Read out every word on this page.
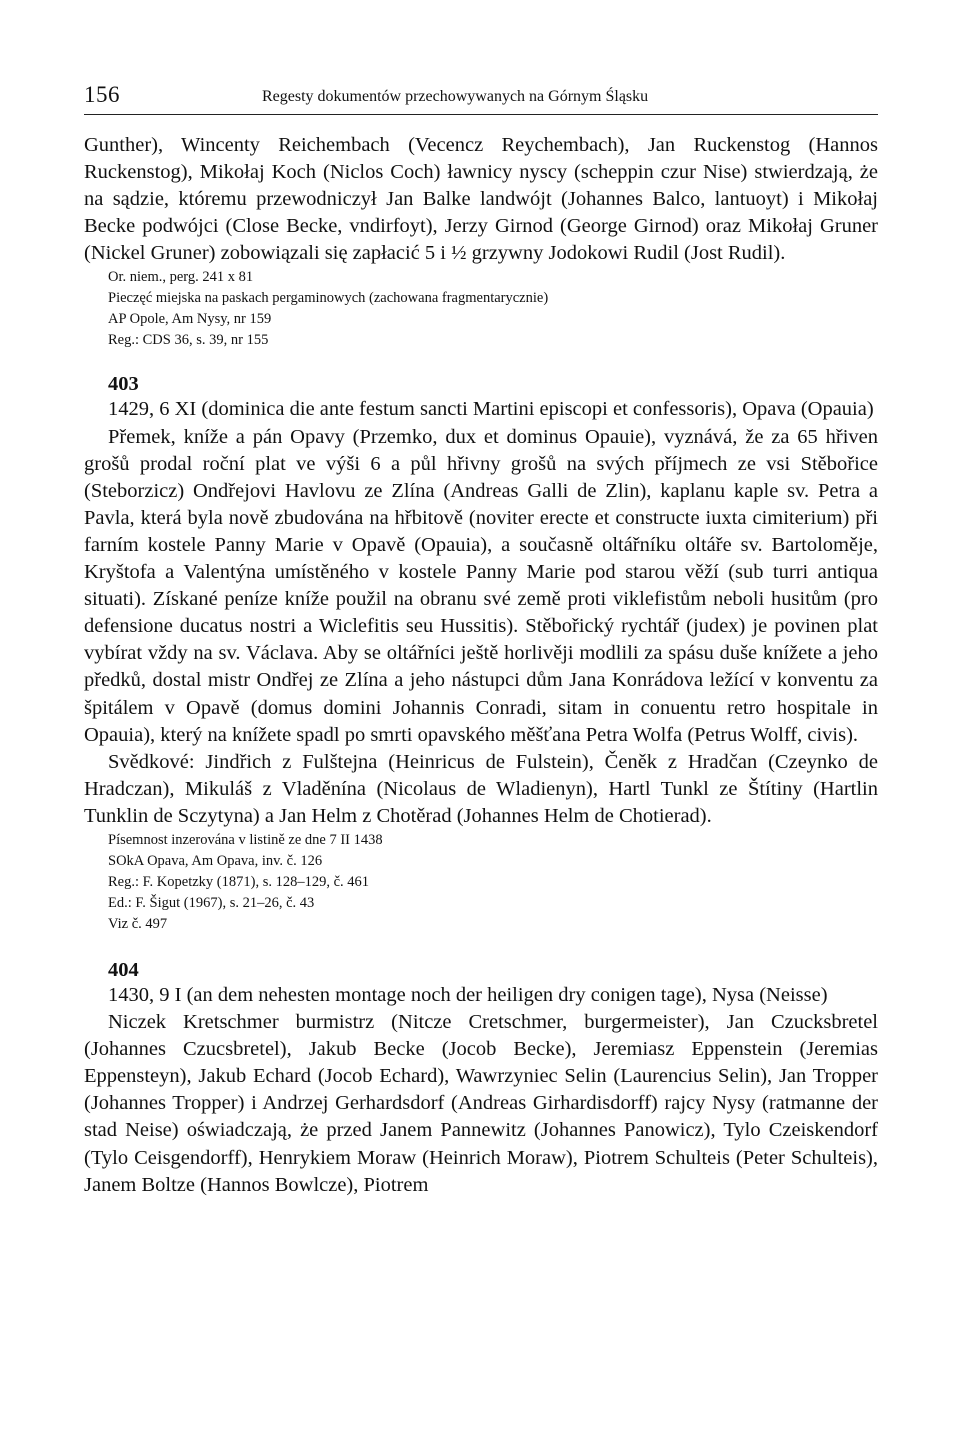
156	Regesty dokumentów przechowywanych na Górnym Śląsku

Gunther), Wincenty Reichembach (Vecencz Reychembach), Jan Ruckenstog (Hannos Ruckenstog), Mikołaj Koch (Niclos Coch) ławnicy nyscy (scheppin czur Nise) stwierdzają, że na sądzie, któremu przewodniczył Jan Balke landwójt (Johannes Balco, lantuoyt) i Mikołaj Becke podwójci (Close Becke, vndirfoyt), Jerzy Girnod (George Girnod) oraz Mikołaj Gruner (Nickel Gruner) zobowiązali się zapłacić 5 i ½ grzywny Jodokowi Rudil (Jost Rudil).

Or. niem., perg. 241 x 81
Pieczęć miejska na paskach pergaminowych (zachowana fragmentarycznie)
AP Opole, Am Nysy, nr 159
Reg.: CDS 36, s. 39, nr 155
403

1429, 6 XI (dominica die ante festum sancti Martini episcopi et confessoris), Opava (Opauia)

Přemek, kníže a pán Opavy (Przemko, dux et dominus Opauie), vyznává, že za 65 hřiven grošů prodal roční plat ve výši 6 a půl hřivny grošů na svých příjmech ze vsi Stěbořice (Steborzicz) Ondřejovi Havlovu ze Zlína (Andreas Galli de Zlin), kaplanu kaple sv. Petra a Pavla, která byla nově zbudována na hřbitově (noviter erecte et constructe iuxta cimiterium) při farním kostele Panny Marie v Opavě (Opauia), a současně oltářníku oltáře sv. Bartoloměje, Kryštofa a Valentýna umístěného v kostele Panny Marie pod starou věží (sub turri antiqua situati). Získané peníze kníže použil na obranu své země proti viklefistům neboli husitům (pro defensione ducatus nostri a Wiclefitis seu Hussitis). Stěbořický rychtář (judex) je povinen plat vybírat vždy na sv. Václava. Aby se oltářníci ještě horlivěji modlili za spásu duše knížete a jeho předků, dostal mistr Ondřej ze Zlína a jeho nástupci dům Jana Konrádova ležící v konventu za špitálem v Opavě (domus domini Johannis Conradi, sitam in conuentu retro hospitale in Opauia), který na knížete spadl po smrti opavského měšťana Petra Wolfa (Petrus Wolff, civis).

Svědkové: Jindřich z Fulštejna (Heinricus de Fulstein), Čeněk z Hradčan (Czeynko de Hradczan), Mikuláš z Vladěnína (Nicolaus de Wladienyn), Hartl Tunkl ze Štítiny (Hartlin Tunklin de Sczytyna) a Jan Helm z Chotěrad (Johannes Helm de Chotierad).

Písemnost inzerována v listině ze dne 7 II 1438
SOkA Opava, Am Opava, inv. č. 126
Reg.: F. Kopetzky (1871), s. 128–129, č. 461
Ed.: F. Šigut (1967), s. 21–26, č. 43
Viz č. 497
404

1430, 9 I (an dem nehesten montage noch der heiligen dry conigen tage), Nysa (Neisse)

Niczek Kretschmer burmistrz (Nitcze Cretschmer, burgermeister), Jan Czucksbretel (Johannes Czucsbretel), Jakub Becke (Jocob Becke), Jeremiasz Eppenstein (Jeremias Eppensteyn), Jakub Echard (Jocob Echard), Wawrzyniec Selin (Laurencius Selin), Jan Tropper (Johannes Tropper) i Andrzej Gerhardsdorf (Andreas Girhardisdorff) rajcy Nysy (ratmanne der stad Neise) oświadczają, że przed Janem Pannewitz (Johannes Panowicz), Tylo Czeiskendorf (Tylo Ceisgendorff), Henrykiem Moraw (Heinrich Moraw), Piotrem Schulteis (Peter Schulteis), Janem Boltze (Hannos Bowlcze), Piotrem
